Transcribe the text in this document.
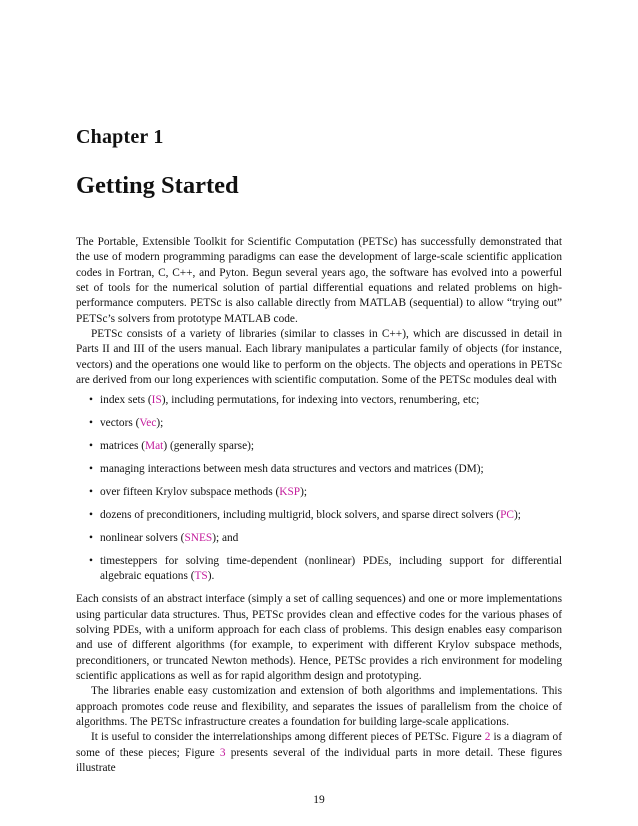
Chapter 1
Getting Started

The Portable, Extensible Toolkit for Scientific Computation (PETSc) has successfully demonstrated that the use of modern programming paradigms can ease the development of large-scale scientific application codes in Fortran, C, C++, and Pyton. Begun several years ago, the software has evolved into a powerful set of tools for the numerical solution of partial differential equations and related problems on high-performance computers. PETSc is also callable directly from MATLAB (sequential) to allow “trying out” PETSc’s solvers from prototype MATLAB code.

PETSc consists of a variety of libraries (similar to classes in C++), which are discussed in detail in Parts II and III of the users manual. Each library manipulates a particular family of objects (for instance, vectors) and the operations one would like to perform on the objects. The objects and operations in PETSc are derived from our long experiences with scientific computation. Some of the PETSc modules deal with

• index sets (IS), including permutations, for indexing into vectors, renumbering, etc;
• vectors (Vec);
• matrices (Mat) (generally sparse);
• managing interactions between mesh data structures and vectors and matrices (DM);
• over fifteen Krylov subspace methods (KSP);
• dozens of preconditioners, including multigrid, block solvers, and sparse direct solvers (PC);
• nonlinear solvers (SNES); and
• timesteppers for solving time-dependent (nonlinear) PDEs, including support for differential algebraic equations (TS).

Each consists of an abstract interface (simply a set of calling sequences) and one or more implementations using particular data structures. Thus, PETSc provides clean and effective codes for the various phases of solving PDEs, with a uniform approach for each class of problems. This design enables easy comparison and use of different algorithms (for example, to experiment with different Krylov subspace methods, preconditioners, or truncated Newton methods). Hence, PETSc provides a rich environment for modeling scientific applications as well as for rapid algorithm design and prototyping.

The libraries enable easy customization and extension of both algorithms and implementations. This approach promotes code reuse and flexibility, and separates the issues of parallelism from the choice of algorithms. The PETSc infrastructure creates a foundation for building large-scale applications.

It is useful to consider the interrelationships among different pieces of PETSc. Figure 2 is a diagram of some of these pieces; Figure 3 presents several of the individual parts in more detail. These figures illustrate

19
